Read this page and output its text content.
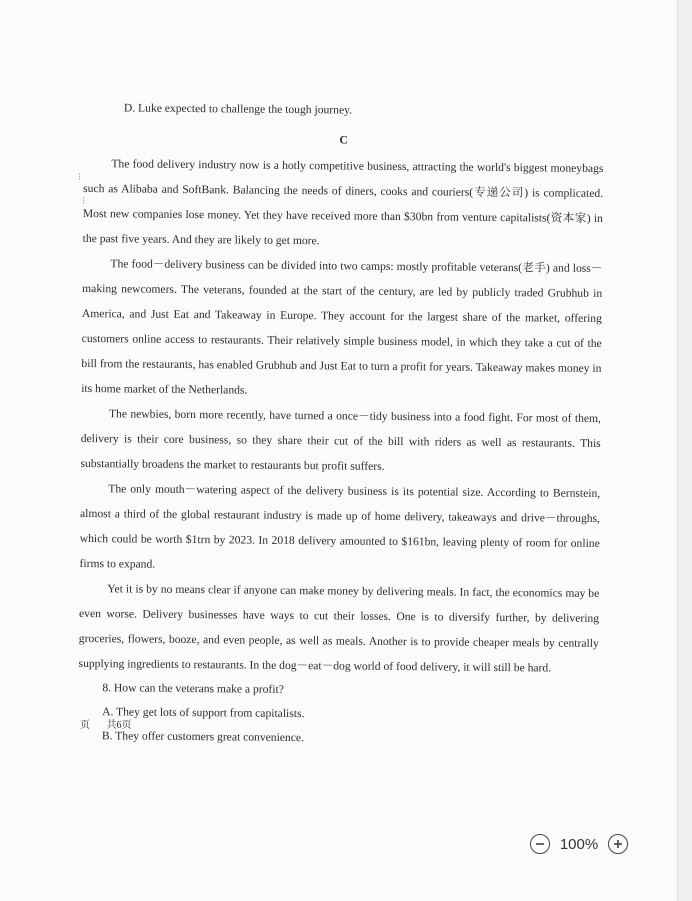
⁝
⁝

D. Luke expected to challenge the tough journey.

C

The food delivery industry now is a hotly competitive business, attracting the world's biggest moneybags such as Alibaba and SoftBank. Balancing the needs of diners, cooks and couriers(专递公司) is complicated. Most new companies lose money. Yet they have received more than $30bn from venture capitalists(资本家) in the past five years. And they are likely to get more.

The food－delivery business can be divided into two camps: mostly profitable veterans(老手) and loss－making newcomers. The veterans, founded at the start of the century, are led by publicly traded Grubhub in America, and Just Eat and Takeaway in Europe. They account for the largest share of the market, offering customers online access to restaurants. Their relatively simple business model, in which they take a cut of the bill from the restaurants, has enabled Grubhub and Just Eat to turn a profit for years. Takeaway makes money in its home market of the Netherlands.

The newbies, born more recently, have turned a once－tidy business into a food fight. For most of them, delivery is their core business, so they share their cut of the bill with riders as well as restaurants. This substantially broadens the market to restaurants but profit suffers.

The only mouth－watering aspect of the delivery business is its potential size. According to Bernstein, almost a third of the global restaurant industry is made up of home delivery, takeaways and drive－throughs, which could be worth $1trn by 2023. In 2018 delivery amounted to $161bn, leaving plenty of room for online firms to expand.

Yet it is by no means clear if anyone can make money by delivering meals. In fact, the economics may be even worse. Delivery businesses have ways to cut their losses. One is to diversify further, by delivering groceries, flowers, booze, and even people, as well as meals. Another is to provide cheaper meals by centrally supplying ingredients to restaurants. In the dog－eat－dog world of food delivery, it will still be hard.

8. How can the veterans make a profit?

A. They get lots of support from capitalists.

B. They offer customers great convenience.

页 共6页
100%
